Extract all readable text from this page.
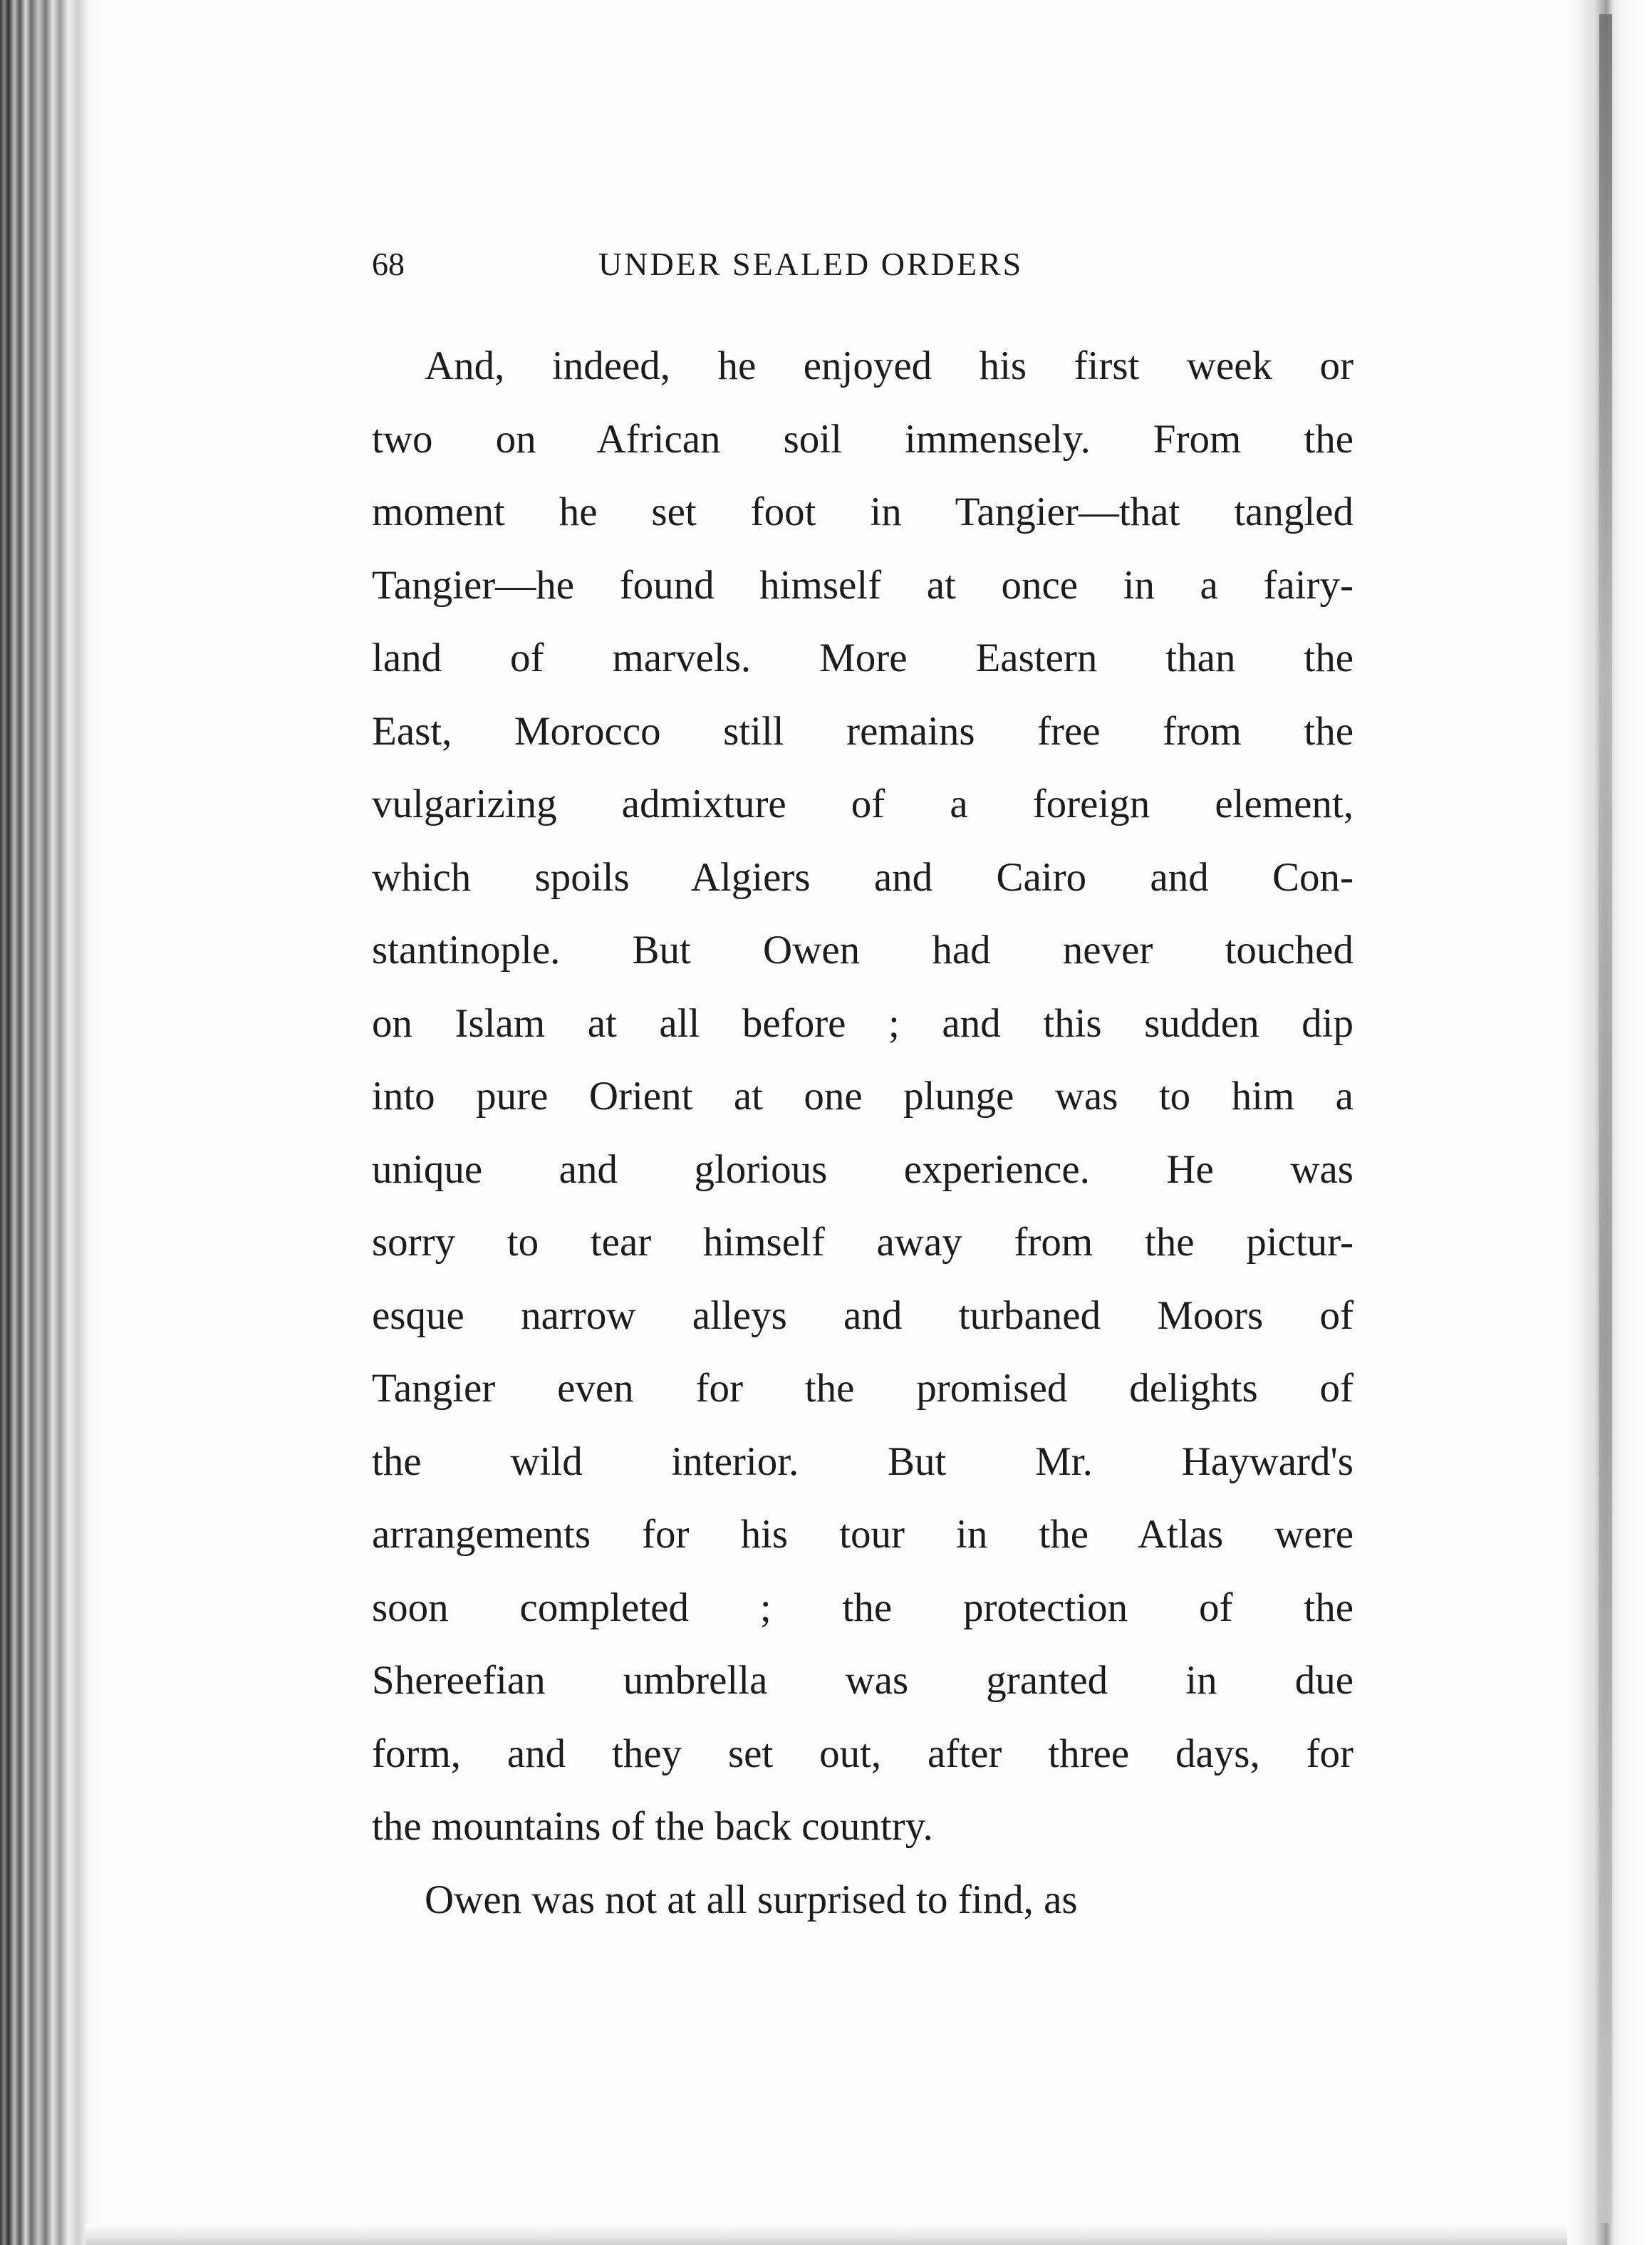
68	UNDER SEALED ORDERS
And, indeed, he enjoyed his first week or
two on African soil immensely. From the
moment he set foot in Tangier—that tangled
Tangier—he found himself at once in a fairy-
land of marvels. More Eastern than the
East, Morocco still remains free from the
vulgarizing admixture of a foreign element,
which spoils Algiers and Cairo and Con-
stantinople. But Owen had never touched
on Islam at all before ; and this sudden dip
into pure Orient at one plunge was to him a
unique and glorious experience. He was
sorry to tear himself away from the pictur-
esque narrow alleys and turbaned Moors of
Tangier even for the promised delights of
the wild interior. But Mr. Hayward's
arrangements for his tour in the Atlas were
soon completed ; the protection of the
Shereefian umbrella was granted in due
form, and they set out, after three days, for
the mountains of the back country.
Owen was not at all surprised to find, as
